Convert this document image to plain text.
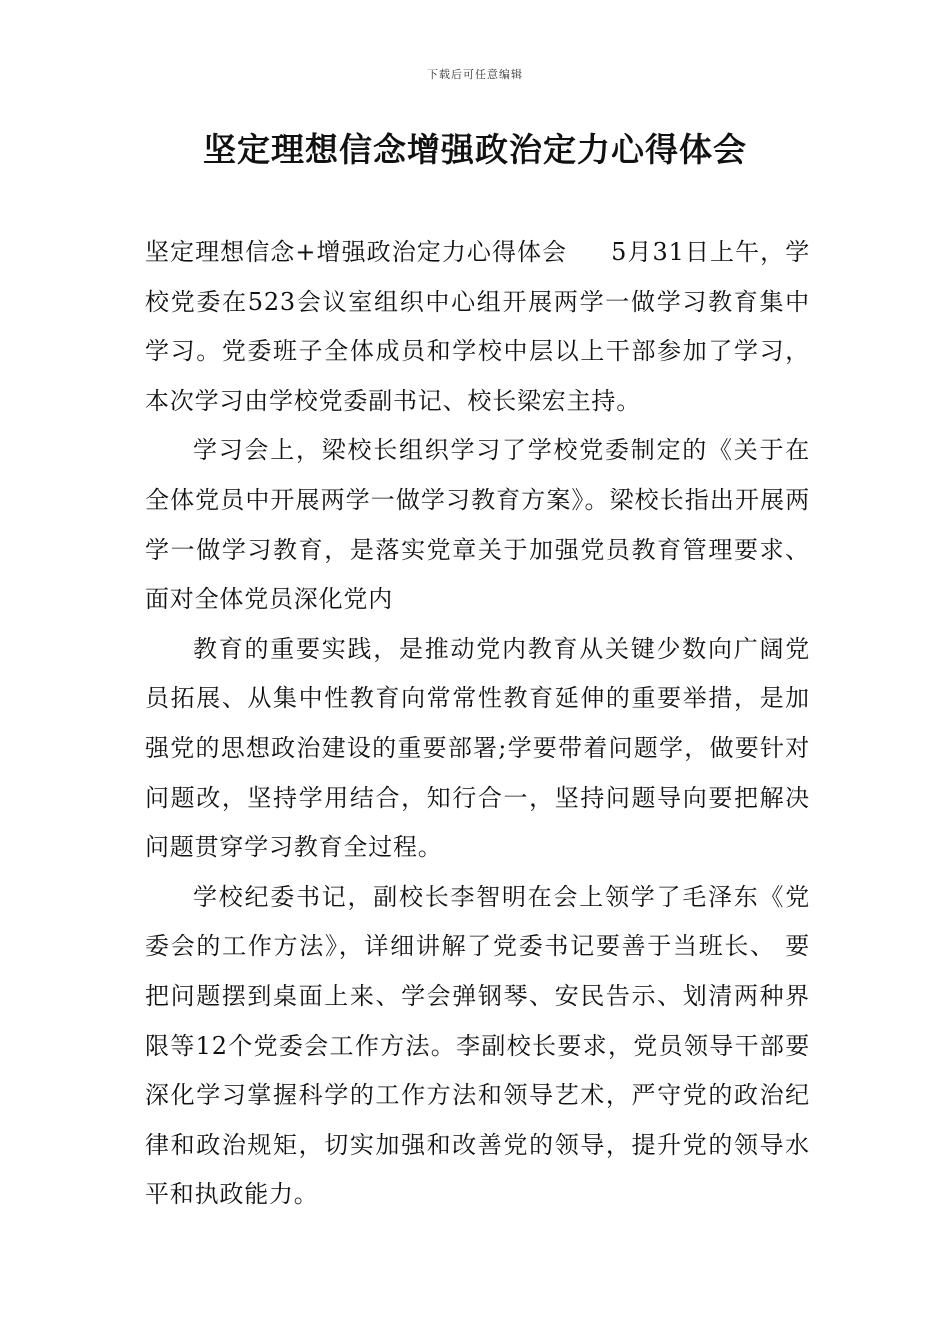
下载后可任意编辑
坚定理想信念增强政治定力心得体会

坚定理想信念+增强政治定力心得体会 5月31日上午，学校党委在523会议室组织中心组开展两学一做学习教育集中学习。党委班子全体成员和学校中层以上干部参加了学习，本次学习由学校党委副书记、校长梁宏主持。

学习会上，梁校长组织学习了学校党委制定的《关于在全体党员中开展两学一做学习教育方案》。梁校长指出开展两学一做学习教育，是落实党章关于加强党员教育管理要求、面对全体党员深化党内

教育的重要实践，是推动党内教育从关键少数向广阔党员拓展、从集中性教育向常常性教育延伸的重要举措，是加强党的思想政治建设的重要部署;学要带着问题学，做要针对问题改，坚持学用结合，知行合一，坚持问题导向要把解决问题贯穿学习教育全过程。

学校纪委书记，副校长李智明在会上领学了毛泽东《党委会的工作方法》，详细讲解了党委书记要善于当班长、 要把问题摆到桌面上来、学会弹钢琴、安民告示、划清两种界限等12个党委会工作方法。李副校长要求，党员领导干部要深化学习掌握科学的工作方法和领导艺术，严守党的政治纪律和政治规矩，切实加强和改善党的领导，提升党的领导水平和执政能力。
